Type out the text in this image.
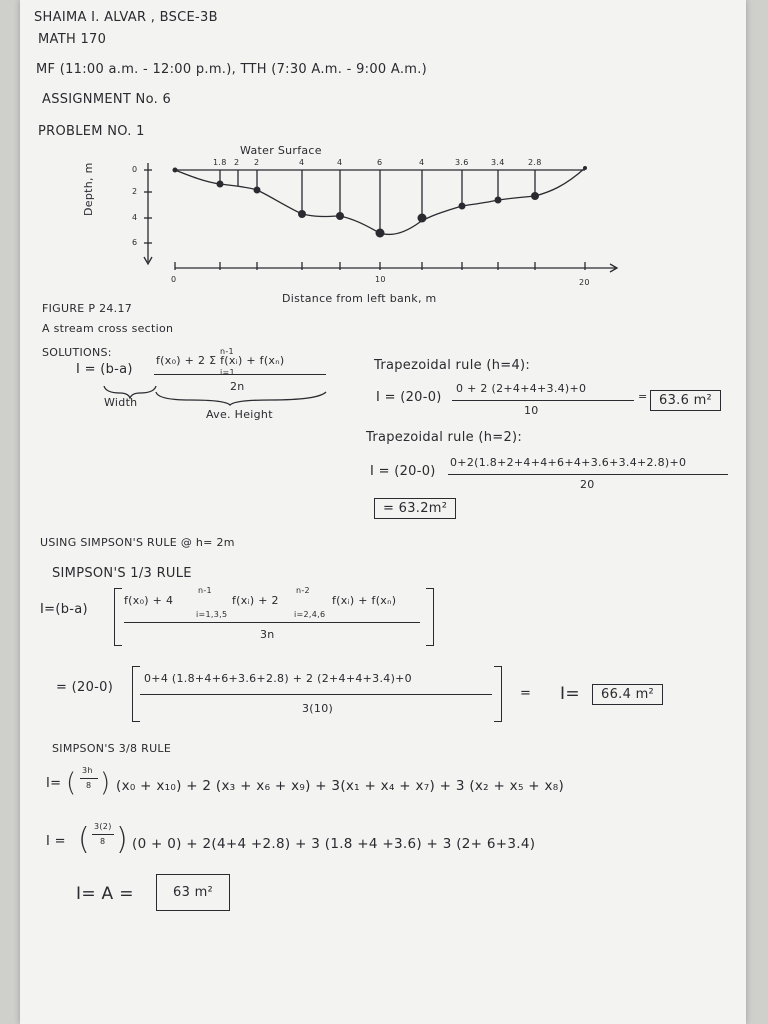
SHAIMA I. ALVAR , BSCE-3B
MATH 170
MF (11:00 a.m. - 12:00 p.m.), TTH (7:30 A.m. - 9:00 A.m.)
ASSIGNMENT No. 6
PROBLEM NO. 1
Water Surface
1.8 2 2	4	4	6	4	3.6	3.4	2.8
Depth, m	0
2
4
6
0	10	20
Distance from left bank, m
FIGURE P 24.17
A stream cross section
SOLUTIONS:
I = (b-a)
f(x₀) + 2 Σ f(xᵢ) + f(xₙ)
n-1
i=1
2n
Width
Ave. Height
Trapezoidal rule (h=4):
I = (20-0)
0 + 2 (2+4+4+3.4)+0
10
= 63.6 m²
Trapezoidal rule (h=2):
I = (20-0)
0+2(1.8+2+4+4+6+4+3.6+3.4+2.8)+0
20
= 63.2m²
USING SIMPSON'S RULE @ h= 2m
SIMPSON'S 1/3 RULE
I=(b-a)
f(x₀) + 4
n-1
i=1,3,5
f(xᵢ) + 2
n-2
i=2,4,6
f(xᵢ) + f(xₙ)
3n
= (20-0)
0+4 (1.8+4+6+3.6+2.8) + 2 (2+4+4+3.4)+0
3(10)
= I=	66.4 m²
SIMPSON'S 3/8 RULE
I= ( 3h
8 ) (x₀ + x₁₀) + 2 (x₃ + x₆ + x₉) + 3(x₁ + x₄ + x₇) + 3 (x₂ + x₅ + x₈)
I = ( 3(2)
8 ) (0 + 0) + 2(4+4 +2.8) + 3 (1.8 +4 +3.6) + 3 (2+ 6+3.4)
I= A =	63 m²
